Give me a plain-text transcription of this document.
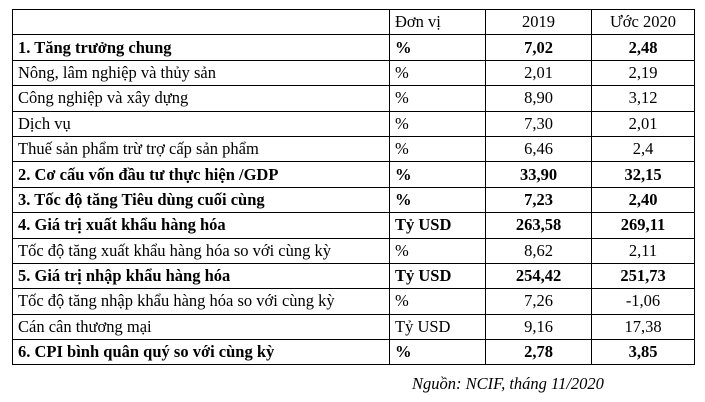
	Đơn vị	2019	Ước 2020
1. Tăng trưởng chung	%	7,02	2,48
Nông, lâm nghiệp và thủy sản	%	2,01	2,19
Công nghiệp và xây dựng	%	8,90	3,12
Dịch vụ	%	7,30	2,01
Thuế sản phẩm trừ trợ cấp sản phẩm	%	6,46	2,4
2. Cơ cấu vốn đầu tư thực hiện /GDP	%	33,90	32,15
3. Tốc độ tăng Tiêu dùng cuối cùng	%	7,23	2,40
4. Giá trị xuất khẩu hàng hóa	Tỷ USD	263,58	269,11
Tốc độ tăng xuất khẩu hàng hóa so với cùng kỳ	%	8,62	2,11
5. Giá trị nhập khẩu hàng hóa	Tỷ USD	254,42	251,73
Tốc độ tăng nhập khẩu hàng hóa so với cùng kỳ	%	7,26	-1,06
Cán cân thương mại	Tỷ USD	9,16	17,38
6. CPI bình quân quý so với cùng kỳ	%	2,78	3,85
Nguồn: NCIF, tháng 11/2020
